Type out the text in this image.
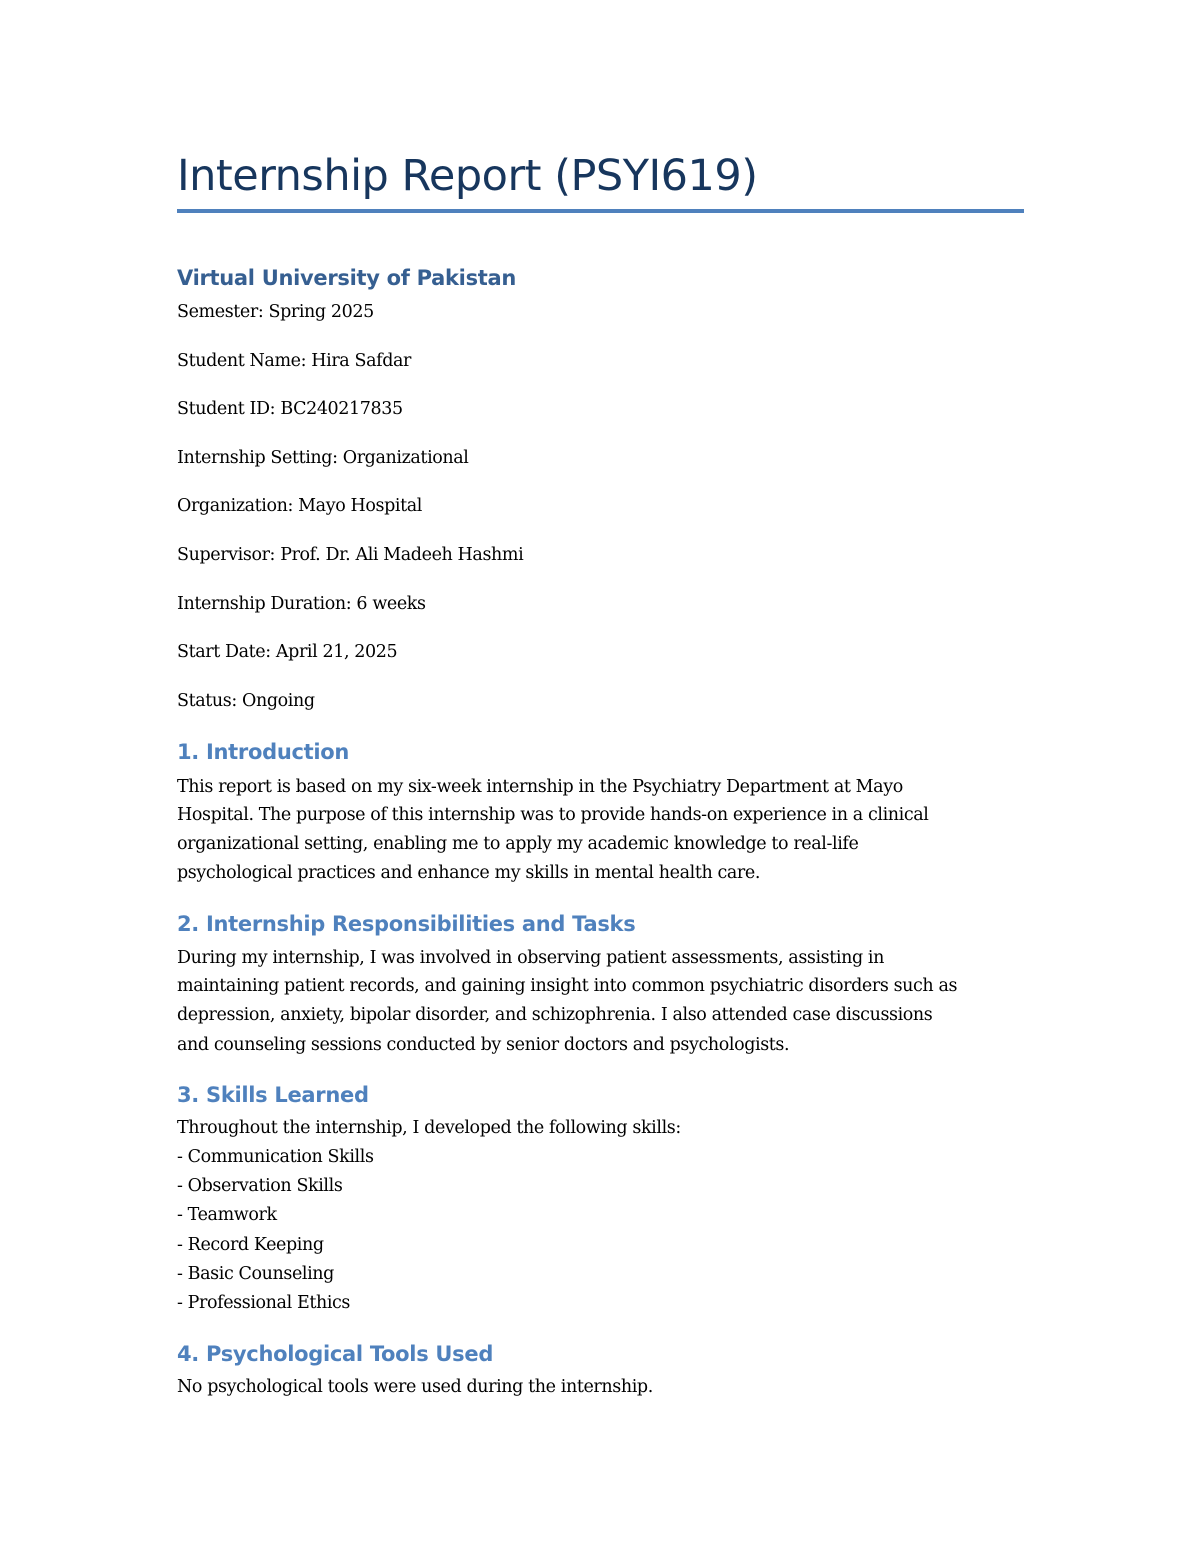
Internship Report (PSYI619)
Virtual University of Pakistan

Semester: Spring 2025

Student Name: Hira Safdar

Student ID: BC240217835

Internship Setting: Organizational

Organization: Mayo Hospital

Supervisor: Prof. Dr. Ali Madeeh Hashmi

Internship Duration: 6 weeks

Start Date: April 21, 2025

Status: Ongoing

1. Introduction

This report is based on my six-week internship in the Psychiatry Department at Mayo

Hospital. The purpose of this internship was to provide hands-on experience in a clinical

organizational setting, enabling me to apply my academic knowledge to real-life

psychological practices and enhance my skills in mental health care.

2. Internship Responsibilities and Tasks

During my internship, I was involved in observing patient assessments, assisting in

maintaining patient records, and gaining insight into common psychiatric disorders such as

depression, anxiety, bipolar disorder, and schizophrenia. I also attended case discussions

and counseling sessions conducted by senior doctors and psychologists.

3. Skills Learned

Throughout the internship, I developed the following skills:

- Communication Skills

- Observation Skills

- Teamwork

- Record Keeping

- Basic Counseling

- Professional Ethics

4. Psychological Tools Used

No psychological tools were used during the internship.
